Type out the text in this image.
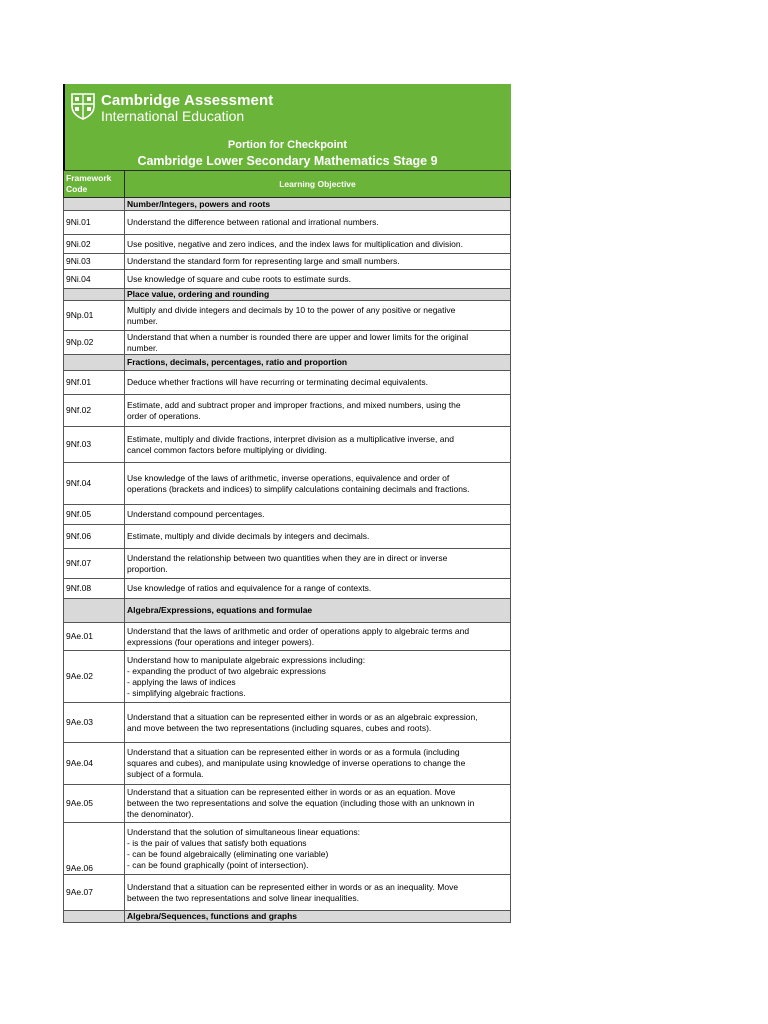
Cambridge Assessment
International Education
Portion for Checkpoint
Cambridge Lower Secondary Mathematics Stage 9
Framework Code	Learning Objective

	Number/Integers, powers and roots

9Ni.01	Understand the difference between rational and irrational numbers.

9Ni.02	Use positive, negative and zero indices, and the index laws for multiplication and division.

9Ni.03	Understand the standard form for representing large and small numbers.

9Ni.04	Use knowledge of square and cube roots to estimate surds.

	Place value, ordering and rounding

9Np.01	Multiply and divide integers and decimals by 10 to the power of any positive or negative
number.

9Np.02	Understand that when a number is rounded there are upper and lower limits for the original
number.

	Fractions, decimals, percentages, ratio and proportion

9Nf.01	Deduce whether fractions will have recurring or terminating decimal equivalents.

9Nf.02	Estimate, add and subtract proper and improper fractions, and mixed numbers, using the
order of operations.

9Nf.03	Estimate, multiply and divide fractions, interpret division as a multiplicative inverse, and
cancel common factors before multiplying or dividing.

9Nf.04	Use knowledge of the laws of arithmetic, inverse operations, equivalence and order of
operations (brackets and indices) to simplify calculations containing decimals and fractions.

9Nf.05	Understand compound percentages.

9Nf.06	Estimate, multiply and divide decimals by integers and decimals.

9Nf.07	Understand the relationship between two quantities when they are in direct or inverse
proportion.

9Nf.08	Use knowledge of ratios and equivalence for a range of contexts.

	Algebra/Expressions, equations and formulae

9Ae.01	Understand that the laws of arithmetic and order of operations apply to algebraic terms and
expressions (four operations and integer powers).

9Ae.02	Understand how to manipulate algebraic expressions including:
- expanding the product of two algebraic expressions
- applying the laws of indices
- simplifying algebraic fractions.

9Ae.03	Understand that a situation can be represented either in words or as an algebraic expression,
and move between the two representations (including squares, cubes and roots).

9Ae.04	Understand that a situation can be represented either in words or as a formula (including
squares and cubes), and manipulate using knowledge of inverse operations to change the
subject of a formula.

9Ae.05	Understand that a situation can be represented either in words or as an equation. Move
between the two representations and solve the equation (including those with an unknown in
the denominator).

9Ae.06	Understand that the solution of simultaneous linear equations:
- is the pair of values that satisfy both equations
- can be found algebraically (eliminating one variable)
- can be found graphically (point of intersection).

9Ae.07	Understand that a situation can be represented either in words or as an inequality. Move
between the two representations and solve linear inequalities.

	Algebra/Sequences, functions and graphs
